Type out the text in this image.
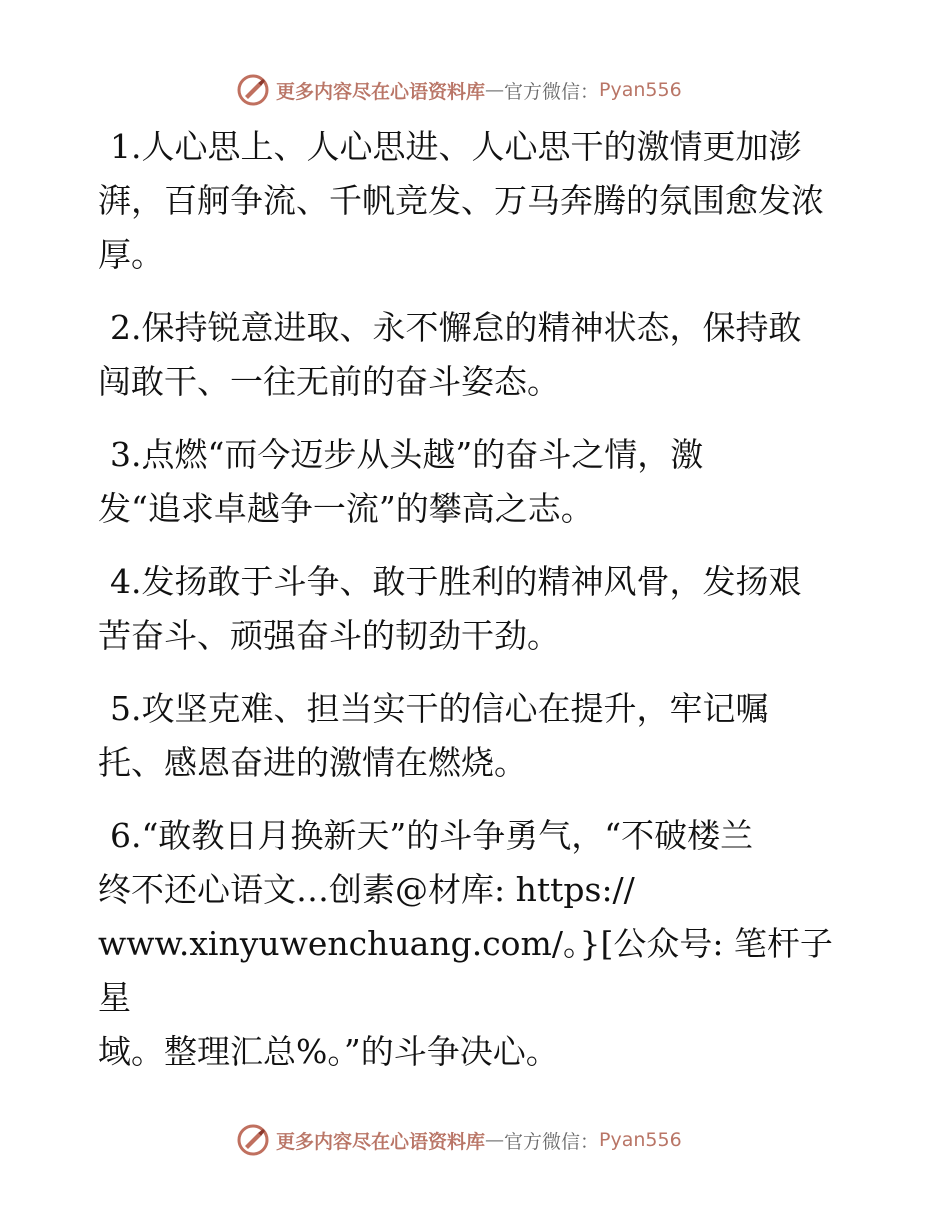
更多内容尽在心语资料库 — 官方微信： Pyan556

1.人心思上、人心思进、人心思干的激情更加澎
湃，百舸争流、千帆竞发、万马奔腾的氛围愈发浓
厚。

2.保持锐意进取、永不懈怠的精神状态，保持敢
闯敢干、一往无前的奋斗姿态。

3.点燃“而今迈步从头越”的奋斗之情，激
发“追求卓越争一流”的攀高之志。

4.发扬敢于斗争、敢于胜利的精神风骨，发扬艰
苦奋斗、顽强奋斗的韧劲干劲。

5.攻坚克难、担当实干的信心在提升，牢记嘱
托、感恩奋进的激情在燃烧。

6.“敢教日月换新天”的斗争勇气，“不破楼兰
终不还心语文…创素@材库: https://
www.xinyuwenchuang.com/。}[公众号: 笔杆子星
域。整理汇总%。”的斗争决心。

更多内容尽在心语资料库 — 官方微信： Pyan556
